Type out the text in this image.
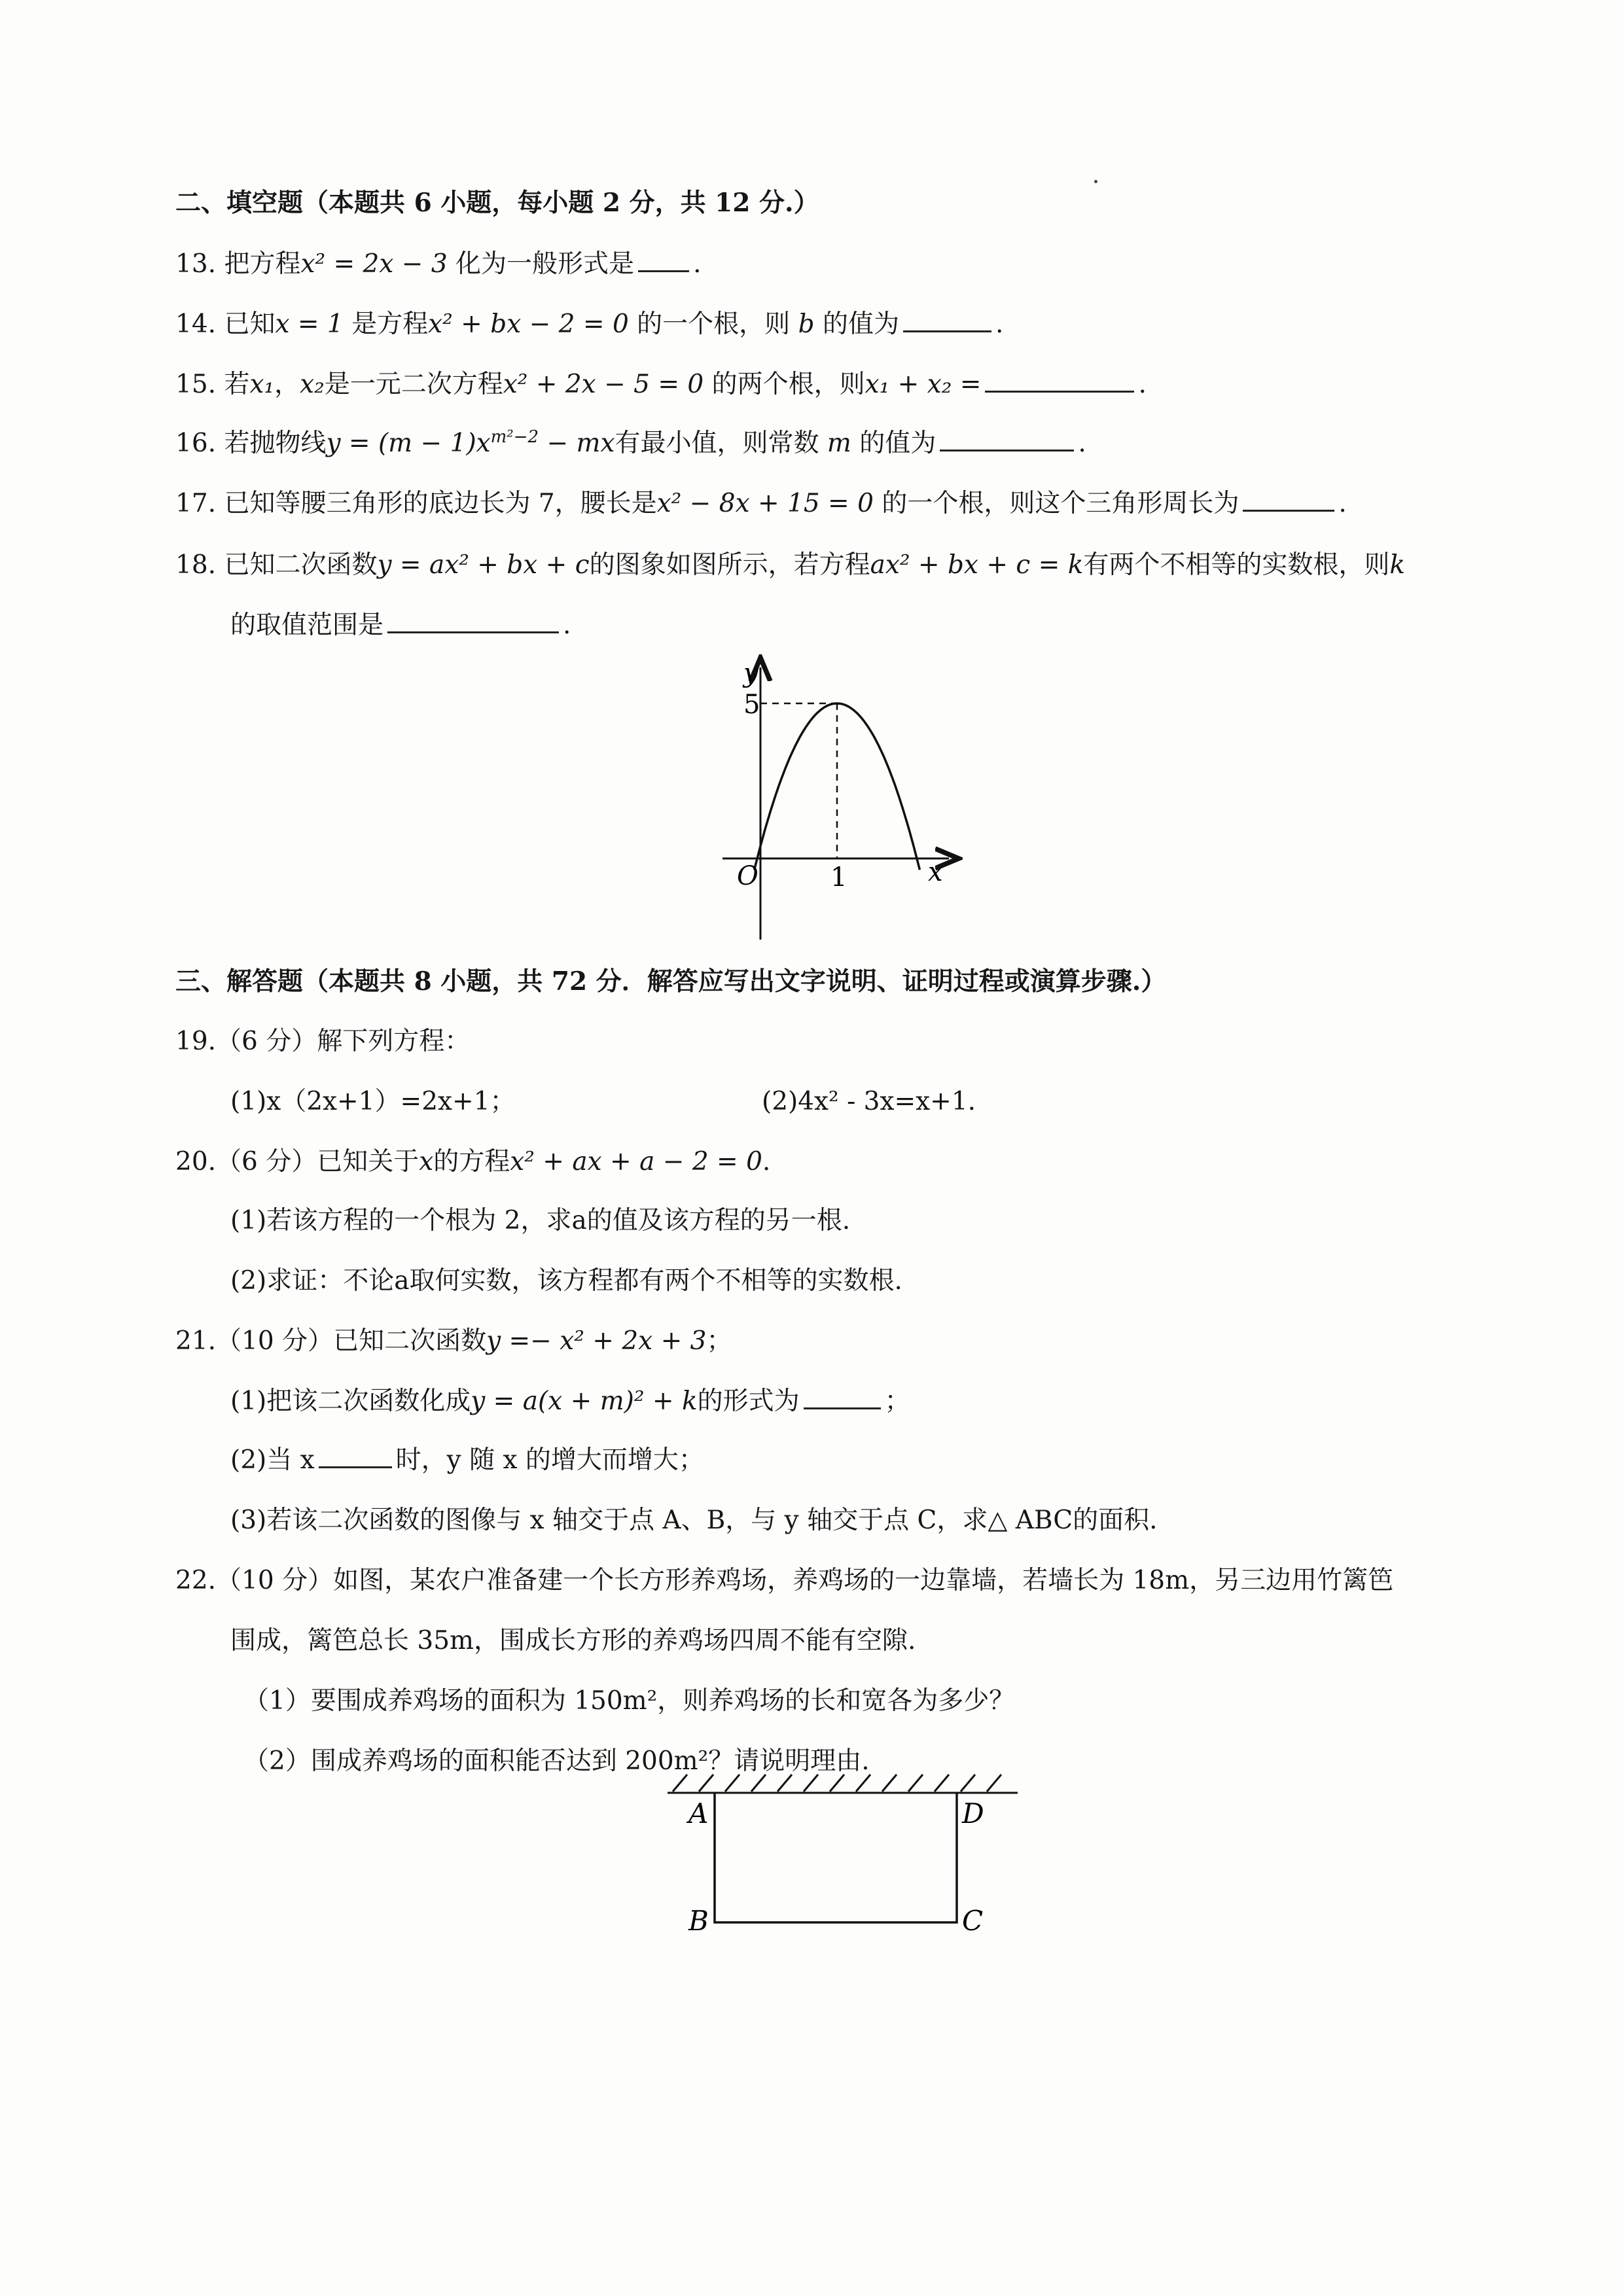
二、填空题（本题共 6 小题，每小题 2 分，共 12 分.）
13. 把方程x² = 2x − 3 化为一般形式是 .
14. 已知x = 1 是方程x² + bx − 2 = 0 的一个根，则 b 的值为	.
15. 若x₁，x₂是一元二次方程x² + 2x − 5 = 0 的两个根，则x₁ + x₂ =	.
16. 若抛物线$y = (m - 1)x^{m^2-2}$ − mx有最小值，则常数 m 的值为	.
17. 已知等腰三角形的底边长为 7，腰长是x² − 8x + 15 = 0 的一个根，则这个三角形周长为	.
18. 已知二次函数y = ax² + bx + c的图象如图所示，若方程ax² + bx + c = k有两个不相等的实数根，则k
的取值范围是	.
y
x
O
5
1
三、解答题（本题共 8 小题，共 72 分．解答应写出文字说明、证明过程或演算步骤.）
19.（6 分）解下列方程：
(1)x（2x+1）=2x+1；	(2)4x² - 3x=x+1.
20.（6 分）已知关于x的方程x² + ax + a − 2 = 0.
(1)若该方程的一个根为 2，求a的值及该方程的另一根.
(2)求证：不论a取何实数，该方程都有两个不相等的实数根.
21.（10 分）已知二次函数y =− x² + 2x + 3；
(1)把该二次函数化成y = a(x + m)² + k的形式为	；
(2)当 x	时，y 随 x 的增大而增大；
(3)若该二次函数的图像与 x 轴交于点 A、B，与 y 轴交于点 C，求△ ABC的面积.
22.（10 分）如图，某农户准备建一个长方形养鸡场，养鸡场的一边靠墙，若墙长为 18m，另三边用竹篱笆
围成，篱笆总长 35m，围成长方形的养鸡场四周不能有空隙.
（1）要围成养鸡场的面积为 150m²，则养鸡场的长和宽各为多少？
（2）围成养鸡场的面积能否达到 200m²？请说明理由.
A	D
B	C
